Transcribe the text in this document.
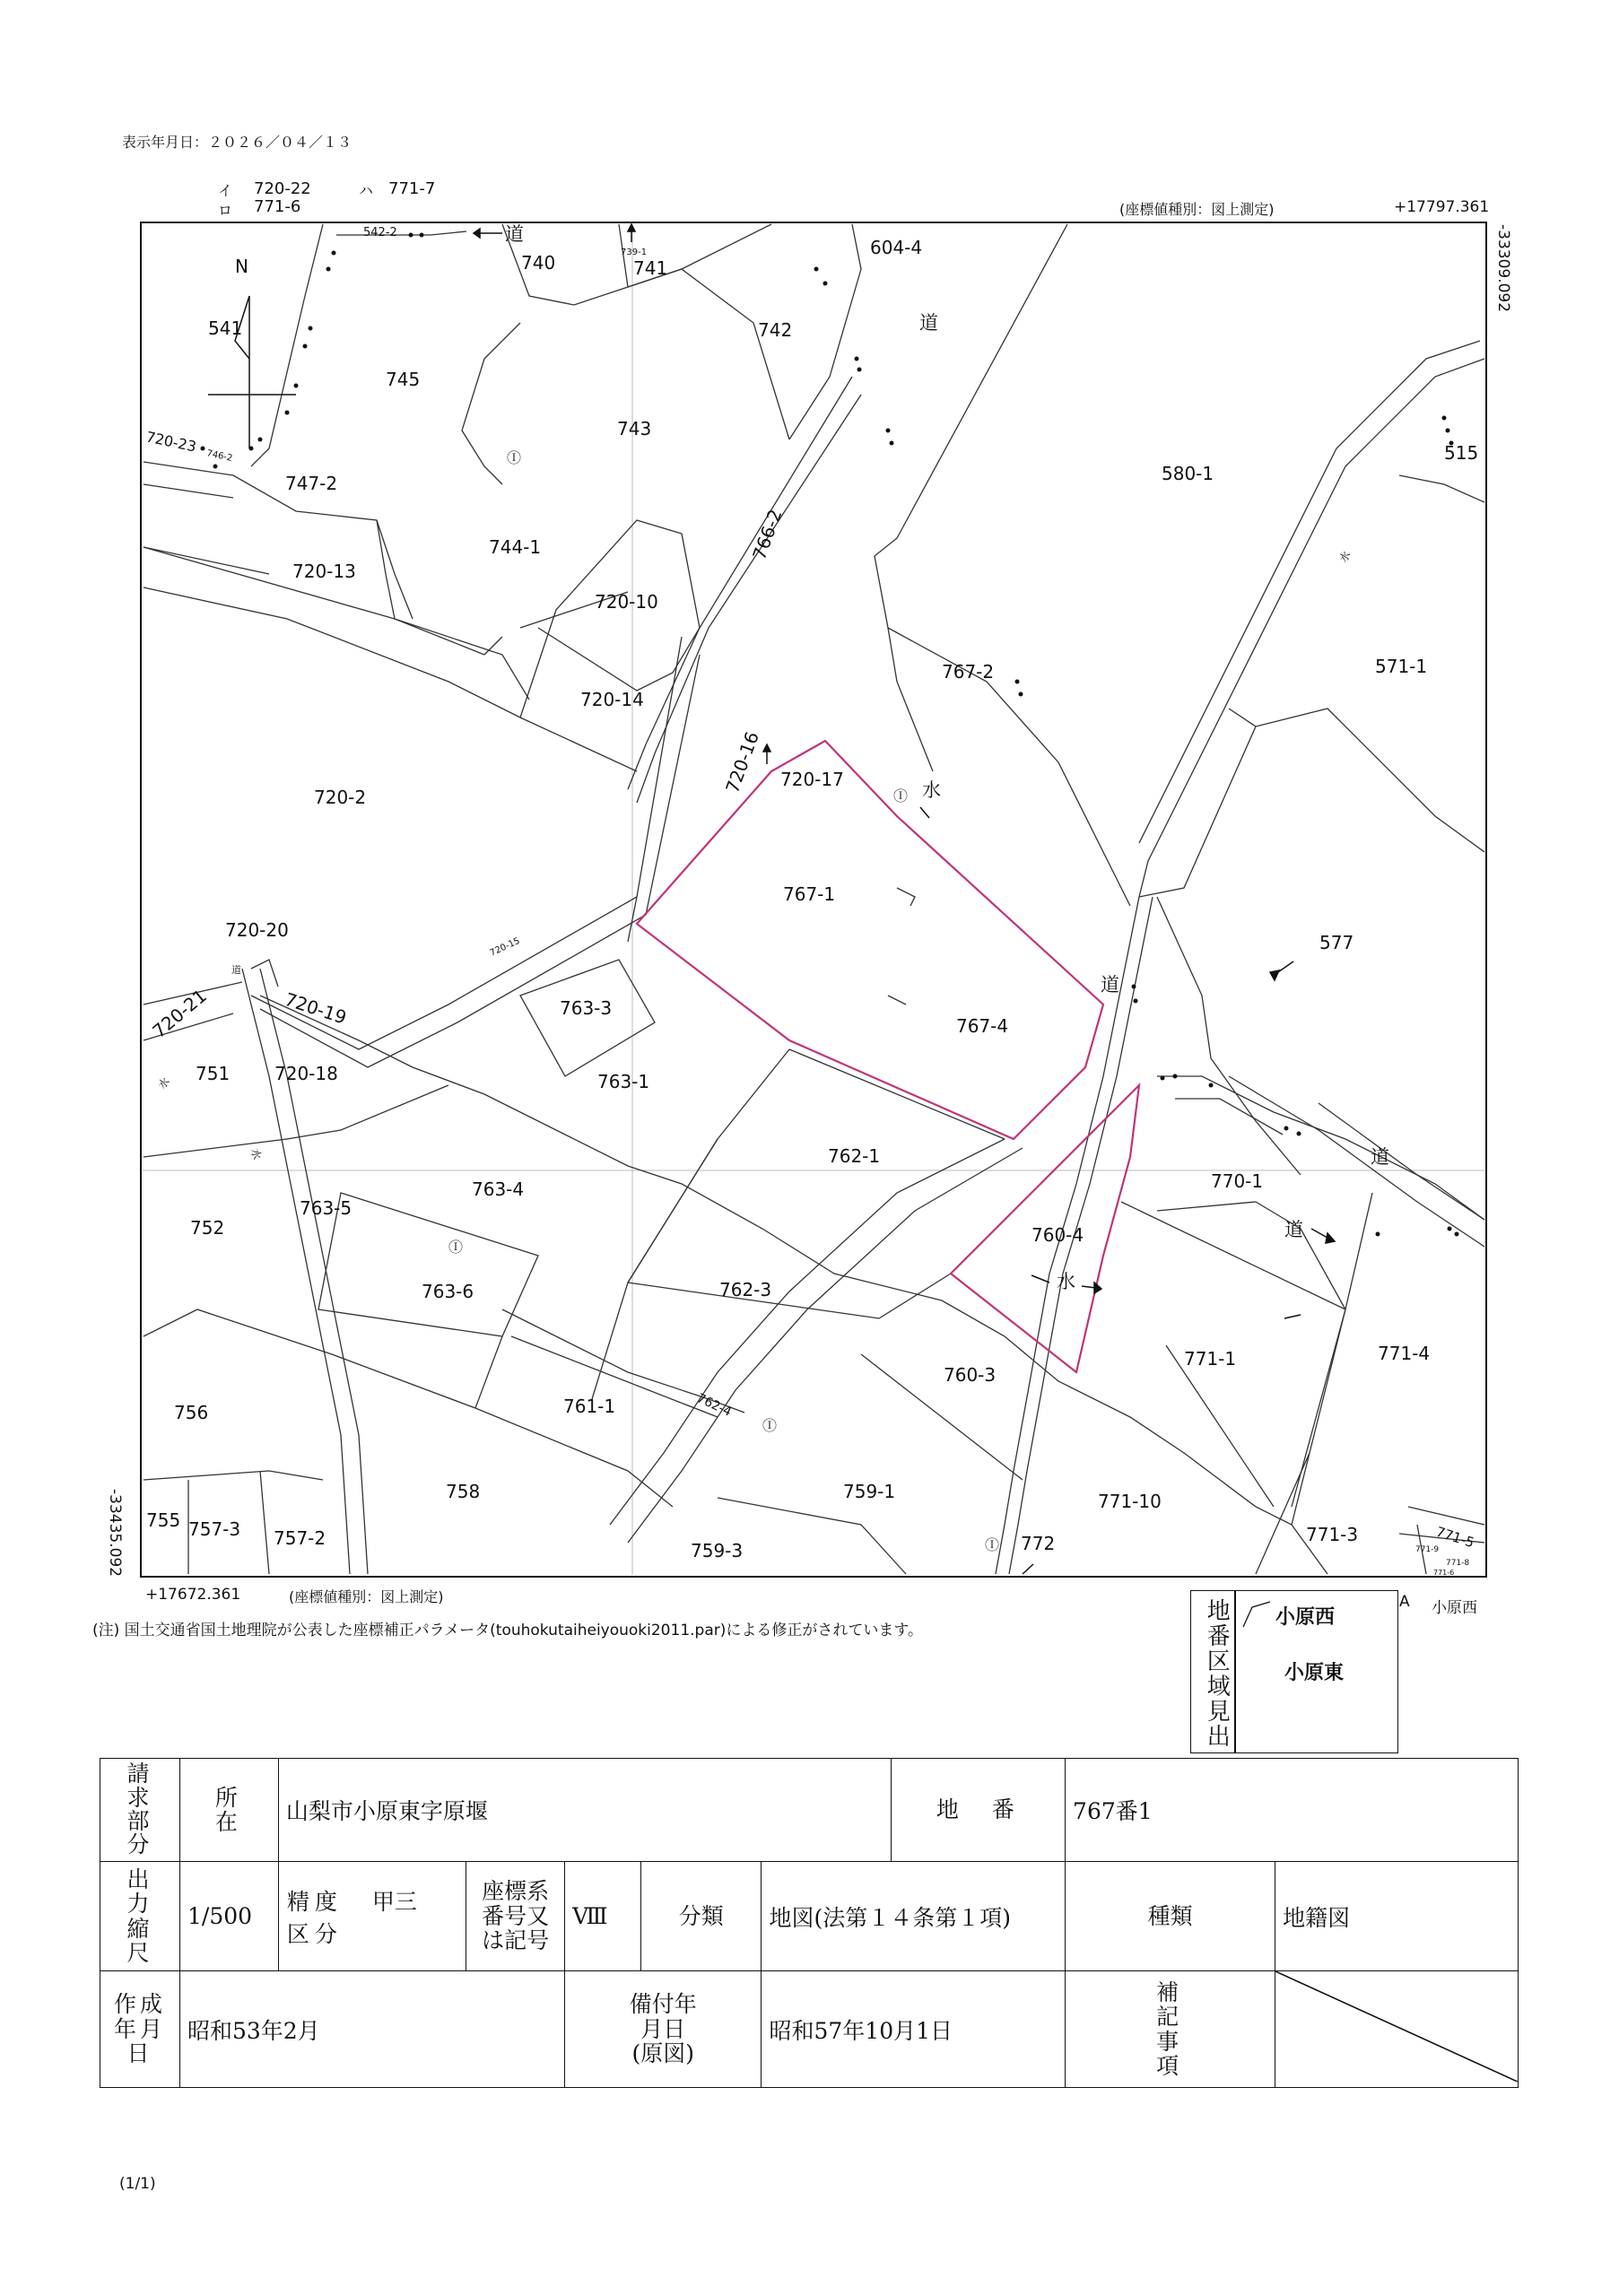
表示年月日：２０２６／０４／１３
イ 720-22	ハ 771-7
ロ 771-6	(座標値種別：図上測定)	+17797.361
-33309.092
-33435.092
+17672.361	(座標値種別：図上測定)
N
542-2
740	741
739-1	604-4
742
541
745
743
720-23
746-2
747-2	580-1
515
744-1	766-2
720-13
720-10
571-1
767-2
720-14
720-16 720-17
720-2
767-1
577
720-20
720-15
720-21	720-19	763-3
767-4
751 720-18	763-1
762-1
770-1
763-4
752
763-5
760-4
763-6	762-3
771-4
771-1
761-1	762-4
760-3
756
758	759-1	771-10
755 757-3 757-2	772	771-3	771-5
759-3	771-9
771-8
771-6
道
道
道
道
道
道
水
水
水
水
水
Ⓘ
Ⓘ
Ⓘ
Ⓘ
Ⓘ
(注) 国土交通省国土地理院が公表した座標補正パラメータ(touhokutaiheiyouoki2011.par)による修正がされています。	地番区域見出 小原西
小原東
A 小原西
請求部分	所　在	山梨市小原東字原堰					地　番	767番1	
出力縮尺	1/500	精度区分 甲三	座標系番号又は記号	Ⅷ	分類	地図(法第１４条第１項)		種類	地籍図
作成年月日	昭和53年2月			備付年月日(原図)		昭和57年10月1日		補記事項	
(1/1)
